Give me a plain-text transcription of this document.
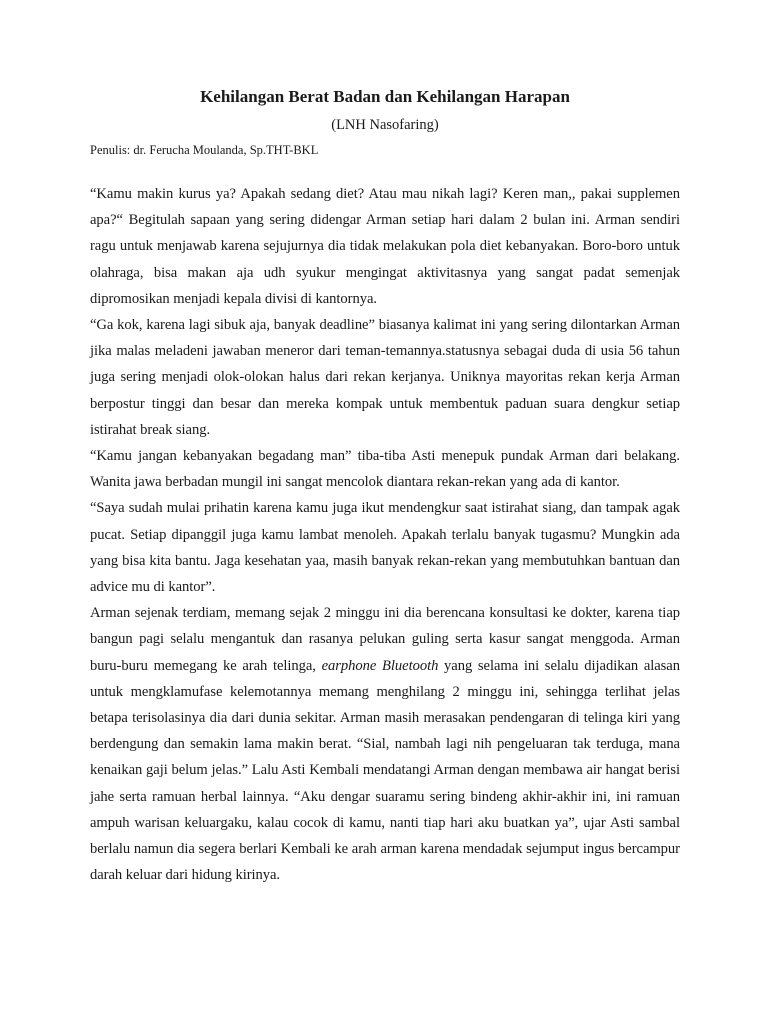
Kehilangan Berat Badan dan Kehilangan Harapan
(LNH Nasofaring)
Penulis: dr. Ferucha Moulanda, Sp.THT-BKL

“Kamu makin kurus ya? Apakah sedang diet? Atau mau nikah lagi? Keren man,, pakai supplemen apa?“ Begitulah sapaan yang sering didengar Arman setiap hari dalam 2 bulan ini. Arman sendiri ragu untuk menjawab karena sejujurnya dia tidak melakukan pola diet kebanyakan. Boro-boro untuk olahraga, bisa makan aja udh syukur mengingat aktivitasnya yang sangat padat semenjak dipromosikan menjadi kepala divisi di kantornya.

“Ga kok, karena lagi sibuk aja, banyak deadline” biasanya kalimat ini yang sering dilontarkan Arman jika malas meladeni jawaban meneror dari teman-temannya.statusnya sebagai duda di usia 56 tahun juga sering menjadi olok-olokan halus dari rekan kerjanya. Uniknya mayoritas rekan kerja Arman berpostur tinggi dan besar dan mereka kompak untuk membentuk paduan suara dengkur setiap istirahat break siang.

“Kamu jangan kebanyakan begadang man” tiba-tiba Asti menepuk pundak Arman dari belakang. Wanita jawa berbadan mungil ini sangat mencolok diantara rekan-rekan yang ada di kantor.

“Saya sudah mulai prihatin karena kamu juga ikut mendengkur saat istirahat siang, dan tampak agak pucat. Setiap dipanggil juga kamu lambat menoleh. Apakah terlalu banyak tugasmu? Mungkin ada yang bisa kita bantu. Jaga kesehatan yaa, masih banyak rekan-rekan yang membutuhkan bantuan dan advice mu di kantor”.

Arman sejenak terdiam, memang sejak 2 minggu ini dia berencana konsultasi ke dokter, karena tiap bangun pagi selalu mengantuk dan rasanya pelukan guling serta kasur sangat menggoda. Arman buru-buru memegang ke arah telinga, earphone Bluetooth yang selama ini selalu dijadikan alasan untuk mengklamufase kelemotannya memang menghilang 2 minggu ini, sehingga terlihat jelas betapa terisolasinya dia dari dunia sekitar. Arman masih merasakan pendengaran di telinga kiri yang berdengung dan semakin lama makin berat. “Sial, nambah lagi nih pengeluaran tak terduga, mana kenaikan gaji belum jelas.” Lalu Asti Kembali mendatangi Arman dengan membawa air hangat berisi jahe serta ramuan herbal lainnya. “Aku dengar suaramu sering bindeng akhir-akhir ini, ini ramuan ampuh warisan keluargaku, kalau cocok di kamu, nanti tiap hari aku buatkan ya”, ujar Asti sambal berlalu namun dia segera berlari Kembali ke arah arman karena mendadak sejumput ingus bercampur darah keluar dari hidung kirinya.
